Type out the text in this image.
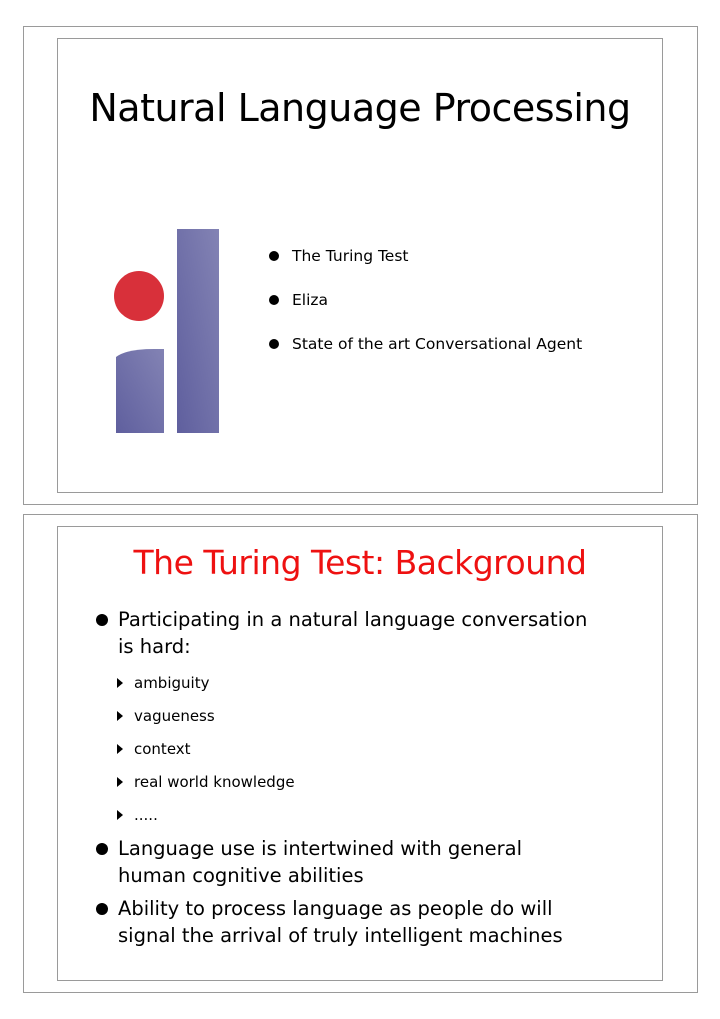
Natural Language Processing
The Turing Test
Eliza
State of the art Conversational Agent
The Turing Test: Background
Participating in a natural language conversation is hard:
ambiguity
vagueness
context
real world knowledge
.....
Language use is intertwined with general human cognitive abilities
Ability to process language as people do will signal the arrival of truly intelligent machines
